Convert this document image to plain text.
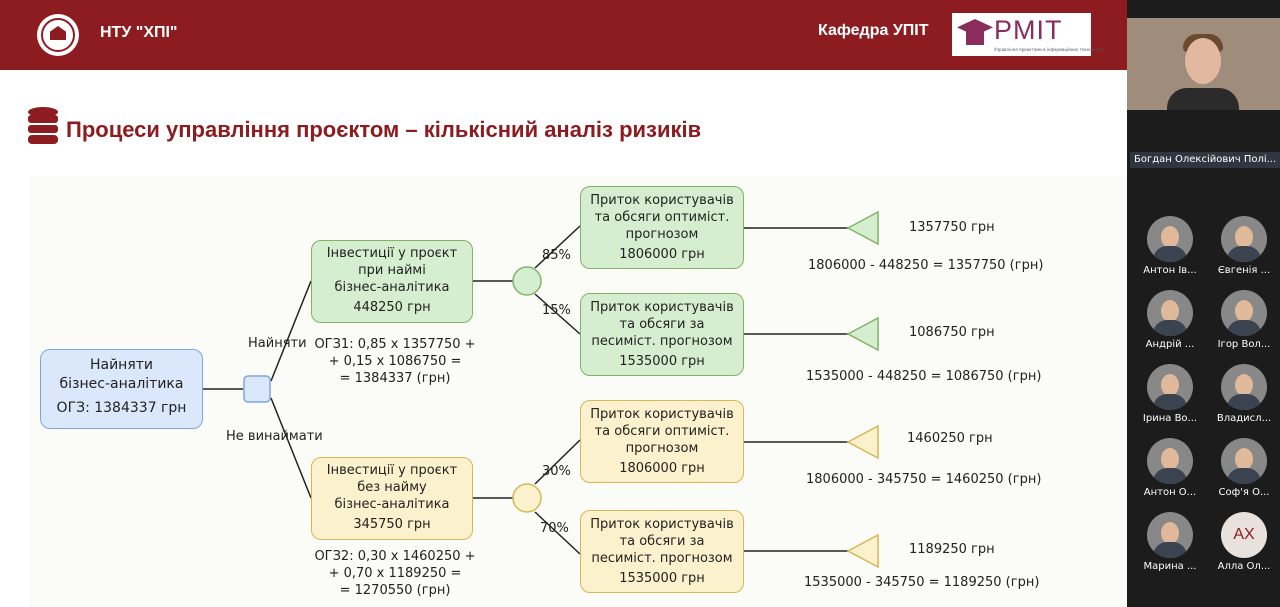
НТУ "ХПІ"	Кафедра УПІТ PMIT
Управління проектами в інформаційних технологіях
Процеси управління проєктом – кількісний аналіз ризиків
Найняти
бізнес-аналітика
ОГЗ: 1384337 грн
Найняти
Не винаймати
Інвестиції у проєкт
при наймі
бізнес-аналітика
448250 грн
Інвестиції у проєкт
без найму
бізнес-аналітика
345750 грн
ОГЗ1: 0,85 х 1357750 +
+ 0,15 х 1086750 =
= 1384337 (грн)
ОГЗ2: 0,30 х 1460250 +
+ 0,70 х 1189250 =
= 1270550 (грн)
85%
15%
30%
70%
Приток користувачів
та обсяги оптиміст.
прогнозом
1806000 грн
Приток користувачів
та обсяги за
песиміст. прогнозом
1535000 грн
Приток користувачів
та обсяги оптиміст.
прогнозом
1806000 грн
Приток користувачів
та обсяги за
песиміст. прогнозом
1535000 грн
1357750 грн
1086750 грн
1460250 грн
1189250 грн
1806000 - 448250 = 1357750 (грн)
1535000 - 448250 = 1086750 (грн)
1806000 - 345750 = 1460250 (грн)
1535000 - 345750 = 1189250 (грн)
Богдан Олексійович Полі...
Антон Ів...	Євгенія ...
Андрій ...	Ігор Вол...
Ірина Во...	Владисл...
Антон О...	Соф'я О...
Марина ...
АХ
Алла Ол...
